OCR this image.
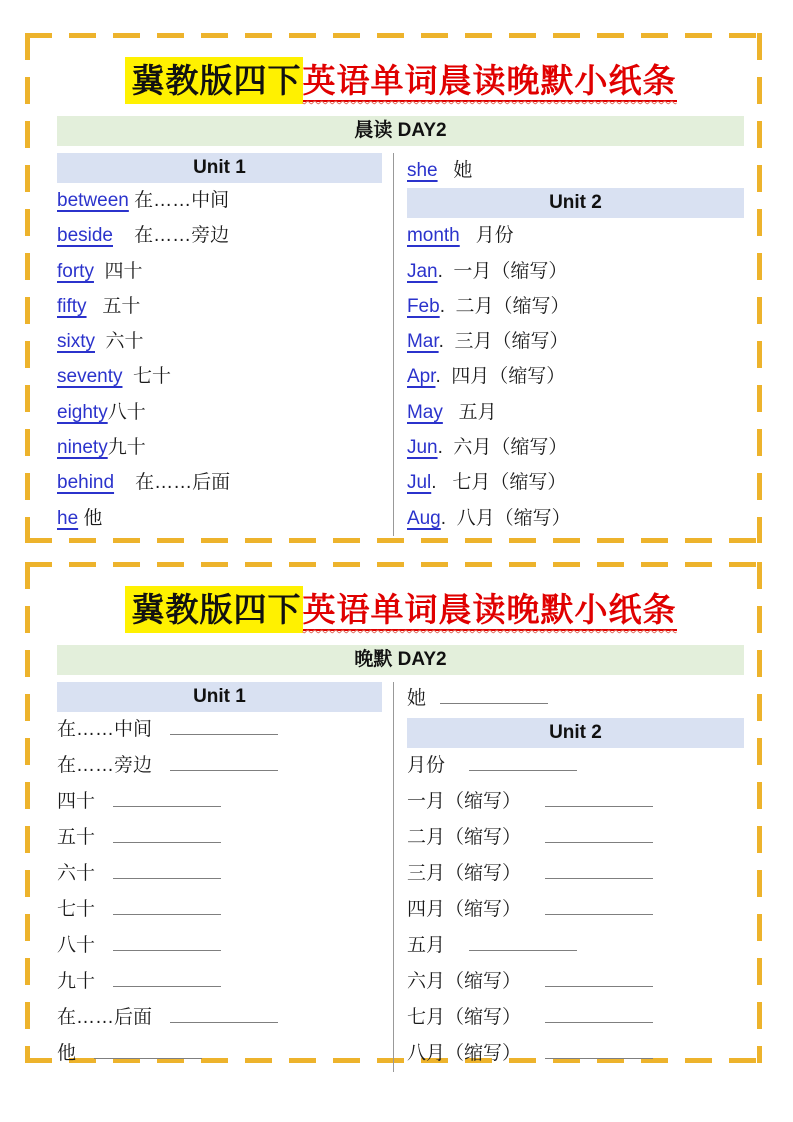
冀教版四下英语单词晨读晚默小纸条
晨读 DAY2
Unit 1
between 在……中间
beside    在……旁边
forty  四十
fifty   五十
sixty  六十
seventy  七十
eighty八十
ninety九十
behind    在……后面
he 他
she   她
Unit 2
month   月份
Jan.  一月（缩写）
Feb.  二月（缩写）
Mar.  三月（缩写）
Apr.  四月（缩写）
May   五月
Jun.  六月（缩写）
Jul.   七月（缩写）
Aug.  八月（缩写）
冀教版四下英语单词晨读晚默小纸条
晚默 DAY2
Unit 1
在……中间
在……旁边
四十
五十
六十
七十
八十
九十
在……后面
他
她
Unit 2
月份
一月（缩写）
二月（缩写）
三月（缩写）
四月（缩写）
五月
六月（缩写）
七月（缩写）
八月（缩写）
